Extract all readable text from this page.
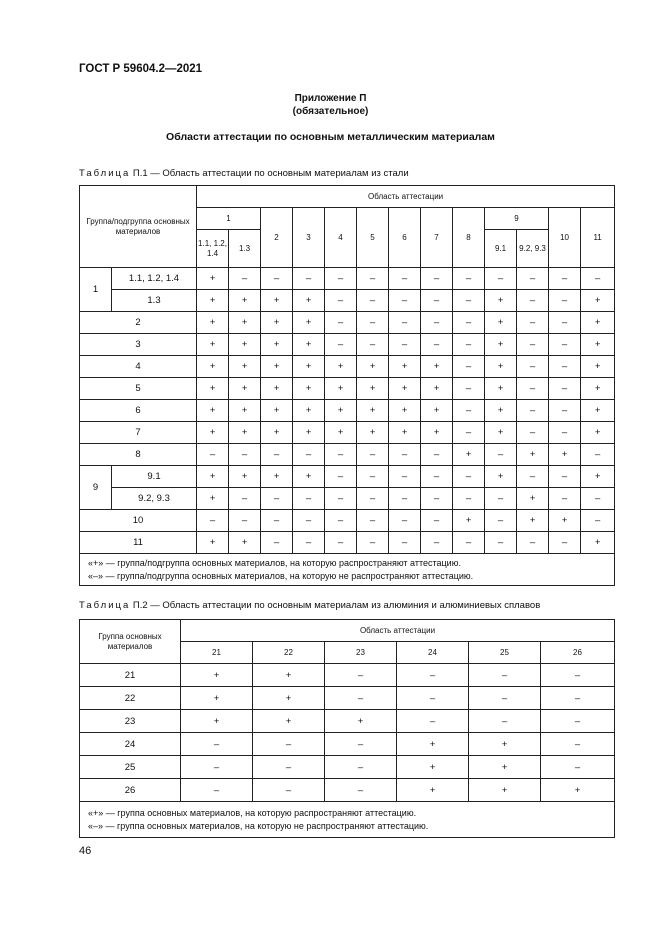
ГОСТ Р 59604.2—2021
Приложение П
(обязательное)
Области аттестации по основным металлическим материалам
Таблица П.1 — Область аттестации по основным материалам из стали
Группа/подгруппа основных материалов		Область аттестации												
		1		2	3	4	5	6	7	8	9		10	11
		1.1, 1.2, 1.4	1.3								9.1	9.2, 9.3		
1	1.1, 1.2, 1.4	+	–	–	–	–	–	–	–	–	–	–	–	–
	1.3	+	+	+	+	–	–	–	–	–	+	–	–	+
2		+	+	+	+	–	–	–	–	–	+	–	–	+
3		+	+	+	+	–	–	–	–	–	+	–	–	+
4		+	+	+	+	+	+	+	+	–	+	–	–	+
5		+	+	+	+	+	+	+	+	–	+	–	–	+
6		+	+	+	+	+	+	+	+	–	+	–	–	+
7		+	+	+	+	+	+	+	+	–	+	–	–	+
8		–	–	–	–	–	–	–	–	+	–	+	+	–
9	9.1	+	+	+	+	–	–	–	–	–	+	–	–	+
	9.2, 9.3	+	–	–	–	–	–	–	–	–	–	+	–	–
10		–	–	–	–	–	–	–	–	+	–	+	+	–
11		+	+	–	–	–	–	–	–	–	–	–	–	+

«+» — группа/подгруппа основных материалов, на которую распространяют аттестацию.
«–» — группа/подгруппа основных материалов, на которую не распространяют аттестацию.														
Таблица П.2 — Область аттестации по основным материалам из алюминия и алюминиевых сплавов
Группа основных материалов	Область аттестации					
	21	22	23	24	25	26
21	+	+	–	–	–	–
22	+	+	–	–	–	–
23	+	+	+	–	–	–
24	–	–	–	+	+	–
25	–	–	–	+	+	–
26	–	–	–	+	+	+

«+» — группа основных материалов, на которую распространяют аттестацию.
«–» — группа основных материалов, на которую не распространяют аттестацию.						
46
